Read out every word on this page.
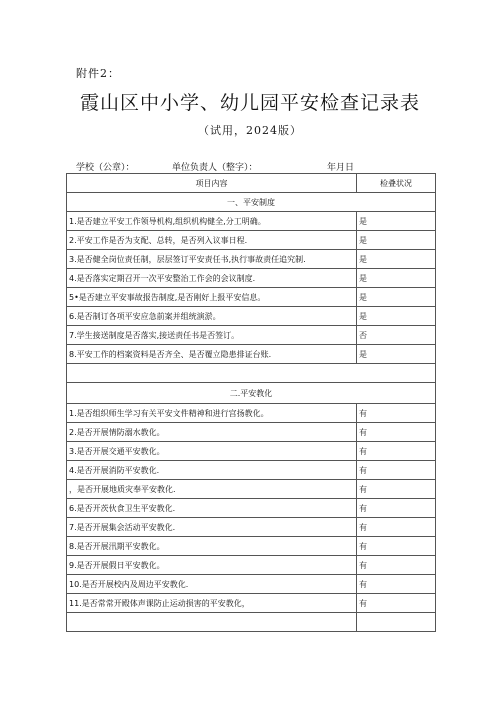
附件2：
霞山区中小学、幼儿园平安检查记录表
（试用，2024版）
学校（公章）：	单位负责人（整字）：	年月日
项目内容	检叠状况
一、平安制度	
1.是否建立平安工作领导机构,组织机构健全,分工明确。	是
2.平安工作是否为支配、总转，是否列入议事日程.	是
3.是否健全岗位责任制，层层签订平安责任书,执行事故责任追究制.	是
4.是否落实定期召开一次平安整治工作会的会议制度.	是
5•是否建立平安事故报告制度,是否刚好上报平安信息。	是
6.是否制订各项平安应急前案并组统演淤。	是
7.学生接送制度是否落实,接送责任书是否签订。	否
8.平安工作的档案资料是否齐全、是否覆立隐患排证台账.	是

二.平安教化	
1.是否组织师生学习有关平安文件精神和进行宫扬教化。	有
2.是否开展情防溺水教化。	有
3.是否开展交通平安教化。	有
4.是否开展消防平安教化.	有
，是否开展地质灾奉平安教化.	有
6.是否开茨伙食卫生平安教化.	有
7.是否开展集会活动平安教化.	有
8.是否开展汛期平安教化。	有
9.是否开展假日平安教化。	有
10.是否开展校内及周边平安教化.	有
11.是否常常开殿体声课防止运动损害的平安教化，	有
